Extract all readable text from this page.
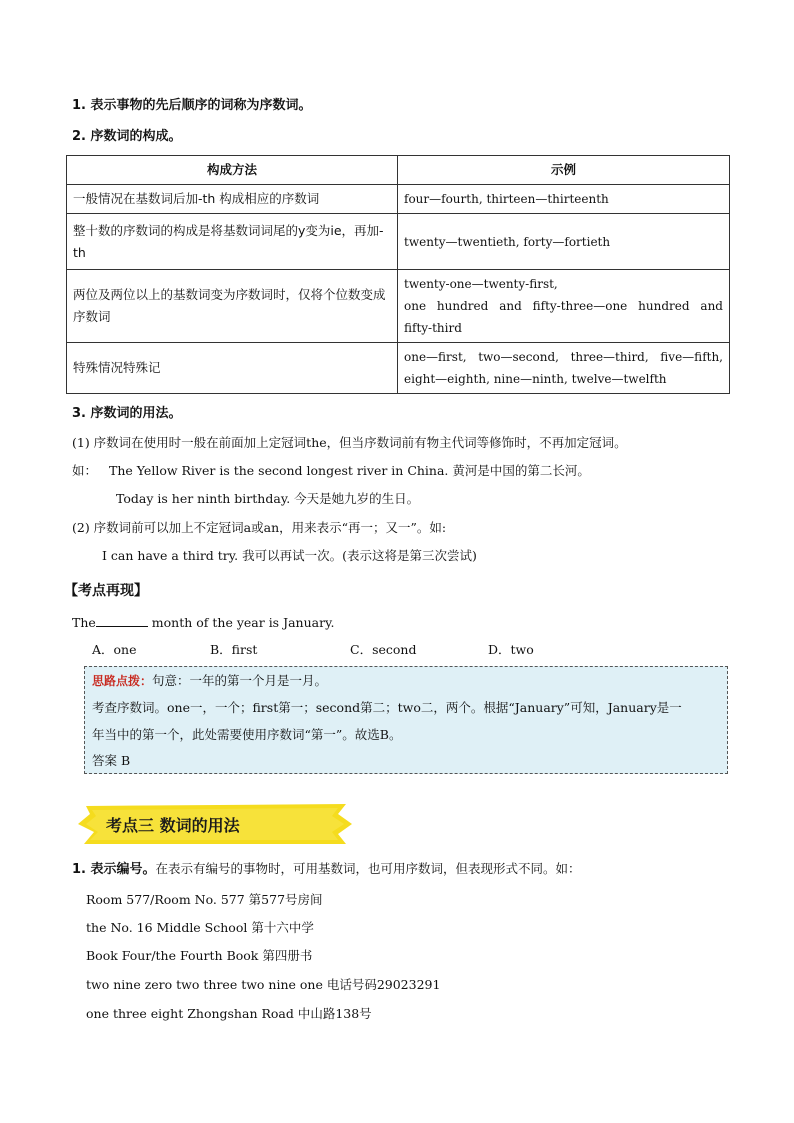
1. 表示事物的先后顺序的词称为序数词。
2. 序数词的构成。
构成方法	示例
一般情况在基数词后加-th 构成相应的序数词	four—fourth, thirteen—thirteenth
整十数的序数词的构成是将基数词词尾的y变为ie，再加-th	twenty—twentieth, forty—fortieth
两位及两位以上的基数词变为序数词时，仅将个位数变成序数词	twenty-one—twenty-first,
one hundred and fifty-three—one hundred and
fifty-third

特殊情况特殊记	one—first, two—second, three—third, five—fifth,
eight—eighth, nine—ninth, twelve—twelfth
3. 序数词的用法。
(1) 序数词在使用时一般在前面加上定冠词the，但当序数词前有物主代词等修饰时，不再加定冠词。
如： The Yellow River is the second longest river in China. 黄河是中国的第二长河。
Today is her ninth birthday. 今天是她九岁的生日。
(2) 序数词前可以加上不定冠词a或an，用来表示“再一；又一”。如:
I can have a third try. 我可以再试一次。(表示这将是第三次尝试)
【考点再现】
The	month of the year is January.
A．one	B．first	C．second	D．two
思路点拨：句意：一年的第一个月是一月。
考查序数词。one一，一个；first第一；second第二；two二，两个。根据“January”可知，January是一
年当中的第一个，此处需要使用序数词“第一”。故选B。
答案 B
考点三 数词的用法
1. 表示编号。在表示有编号的事物时，可用基数词，也可用序数词，但表现形式不同。如：
Room 577/Room No. 577 第577号房间
the No. 16 Middle School 第十六中学
Book Four/the Fourth Book 第四册书
two nine zero two three two nine one 电话号码29023291
one three eight Zhongshan Road 中山路138号
